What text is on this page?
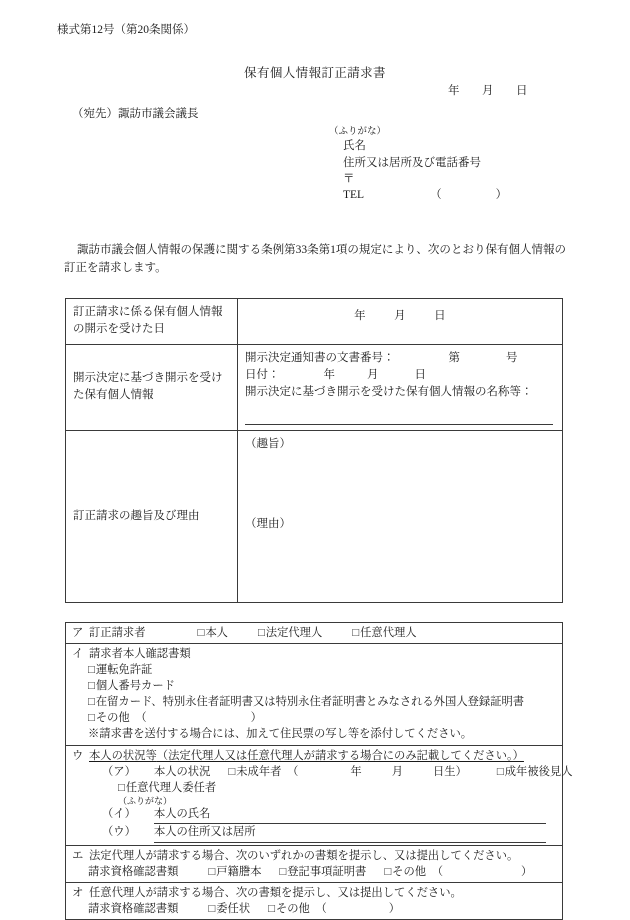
様式第12号（第20条関係）
保有個人情報訂正請求書
年 月 日
（宛先）諏訪市議会議長
（ふりがな）
氏名
住所又は居所及び電話番号
〒
TEL	（	）
諏訪市議会個人情報の保護に関する条例第33条第1項の規定により、次のとおり保有個人情報の訂正を請求します。
訂正請求に係る保有個人情報の開示を受けた日	年 月 日

開示決定に基づき開示を受けた保有個人情報	開示決定通知書の文書番号： 第 号
日付： 年 月 日
開示決定に基づき開示を受けた保有個人情報の名称等：

訂正請求の趣旨及び理由	（趣旨）
（理由）
ア 訂正請求者	□ 本人	□ 法定代理人	□ 任意代理人

イ 請求者本人確認書類
□ 運転免許証
□ 個人番号カード
□ 在留カード、特別永住者証明書又は特別永住者証明書とみなされる外国人登録証明書
□ その他　（	）
※請求書を送付する場合には、加えて住民票の写し等を添付してください。

ウ 本人の状況等（法定代理人又は任意代理人が請求する場合にのみ記載してください。）
（ア） 本人の状況 □ 未成年者　（	年	月	日生）	□ 成年被後見人
□ 任意代理人委任者
（ふりがな）
（イ） 本人の氏名
（ウ） 本人の住所又は居所

エ 法定代理人が請求する場合、次のいずれかの書類を提示し、又は提出してください。
請求資格確認書類	□ 戸籍謄本 □ 登記事項証明書 □ その他　（	）

オ 任意代理人が請求する場合、次の書類を提示し、又は提出してください。
請求資格確認書類	□ 委任状 □ その他　（	）
